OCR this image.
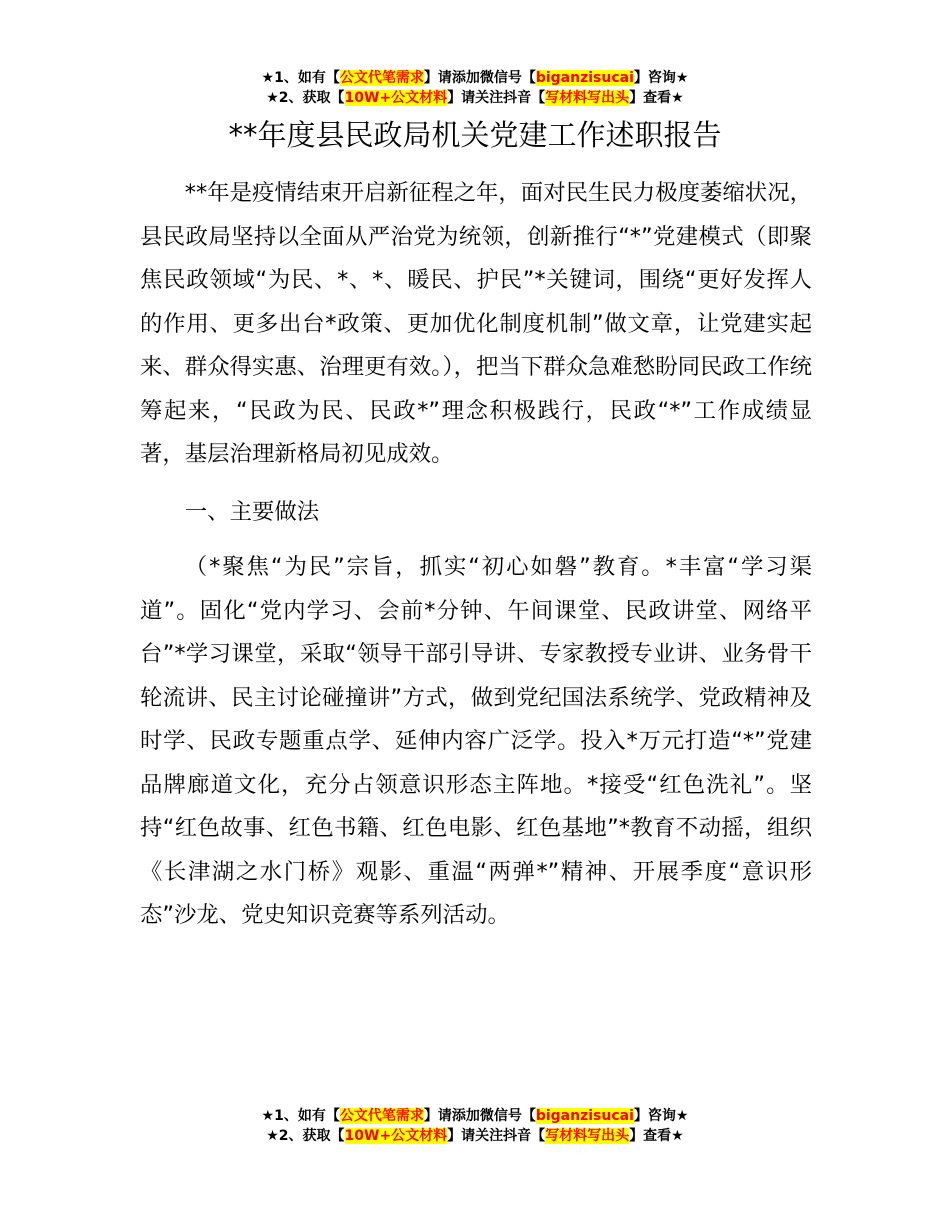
★1、如有【公文代笔需求】请添加微信号【biganzisucai】咨询★
★2、获取【10W+公文材料】请关注抖音【写材料写出头】查看★
**年度县民政局机关党建工作述职报告

**年是疫情结束开启新征程之年，面对民生民力极度萎缩状况，县民政局坚持以全面从严治党为统领，创新推行“*”党建模式（即聚焦民政领域“为民、*、*、暖民、护民”*关键词，围绕“更好发挥人的作用、更多出台*政策、更加优化制度机制”做文章，让党建实起来、群众得实惠、治理更有效。），把当下群众急难愁盼同民政工作统筹起来，“民政为民、民政*”理念积极践行，民政“*”工作成绩显著，基层治理新格局初见成效。

一、主要做法

（*聚焦“为民”宗旨，抓实“初心如磐”教育。*丰富“学习渠道”。固化“党内学习、会前*分钟、午间课堂、民政讲堂、网络平台”*学习课堂，采取“领导干部引导讲、专家教授专业讲、业务骨干轮流讲、民主讨论碰撞讲”方式，做到党纪国法系统学、党政精神及时学、民政专题重点学、延伸内容广泛学。投入*万元打造“*”党建品牌廊道文化，充分占领意识形态主阵地。*接受“红色洗礼”。坚持“红色故事、红色书籍、红色电影、红色基地”*教育不动摇，组织《长津湖之水门桥》观影、重温“两弹*”精神、开展季度“意识形态”沙龙、党史知识竞赛等系列活动。

★1、如有【公文代笔需求】请添加微信号【biganzisucai】咨询★
★2、获取【10W+公文材料】请关注抖音【写材料写出头】查看★
